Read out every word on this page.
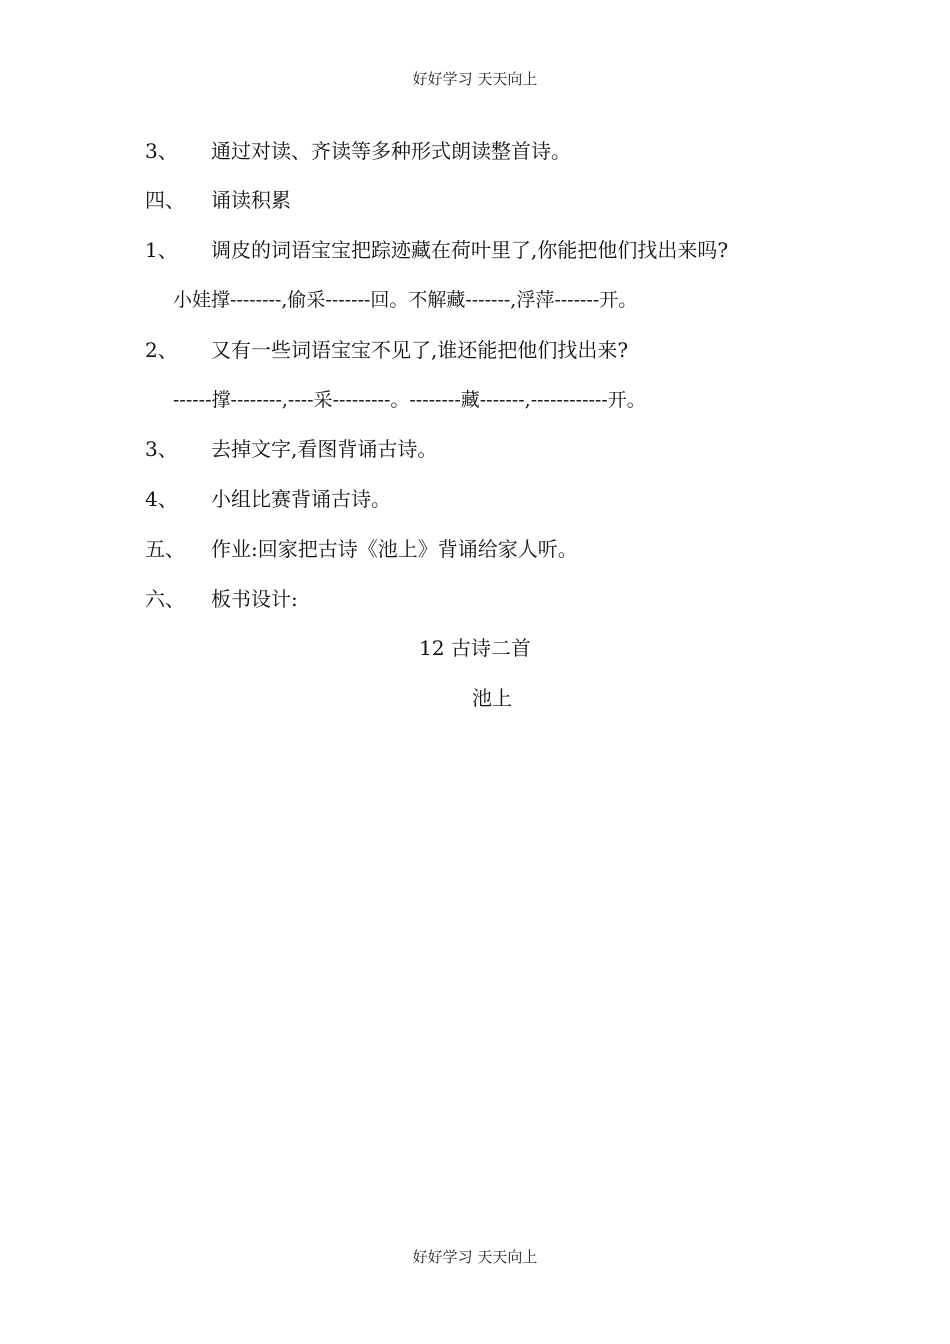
好好学习 天天向上
3、 通过对读、齐读等多种形式朗读整首诗。
四、 诵读积累
1、 调皮的词语宝宝把踪迹藏在荷叶里了,你能把他们找出来吗?
小娃撑--------,偷采-------回。不解藏-------,浮萍-------开。
2、 又有一些词语宝宝不见了,谁还能把他们找出来?
------撑--------,----采---------。--------藏-------,------------开。
3、 去掉文字,看图背诵古诗。
4、 小组比赛背诵古诗。
五、 作业:回家把古诗《池上》背诵给家人听。
六、 板书设计:
12 古诗二首
池上
好好学习 天天向上
